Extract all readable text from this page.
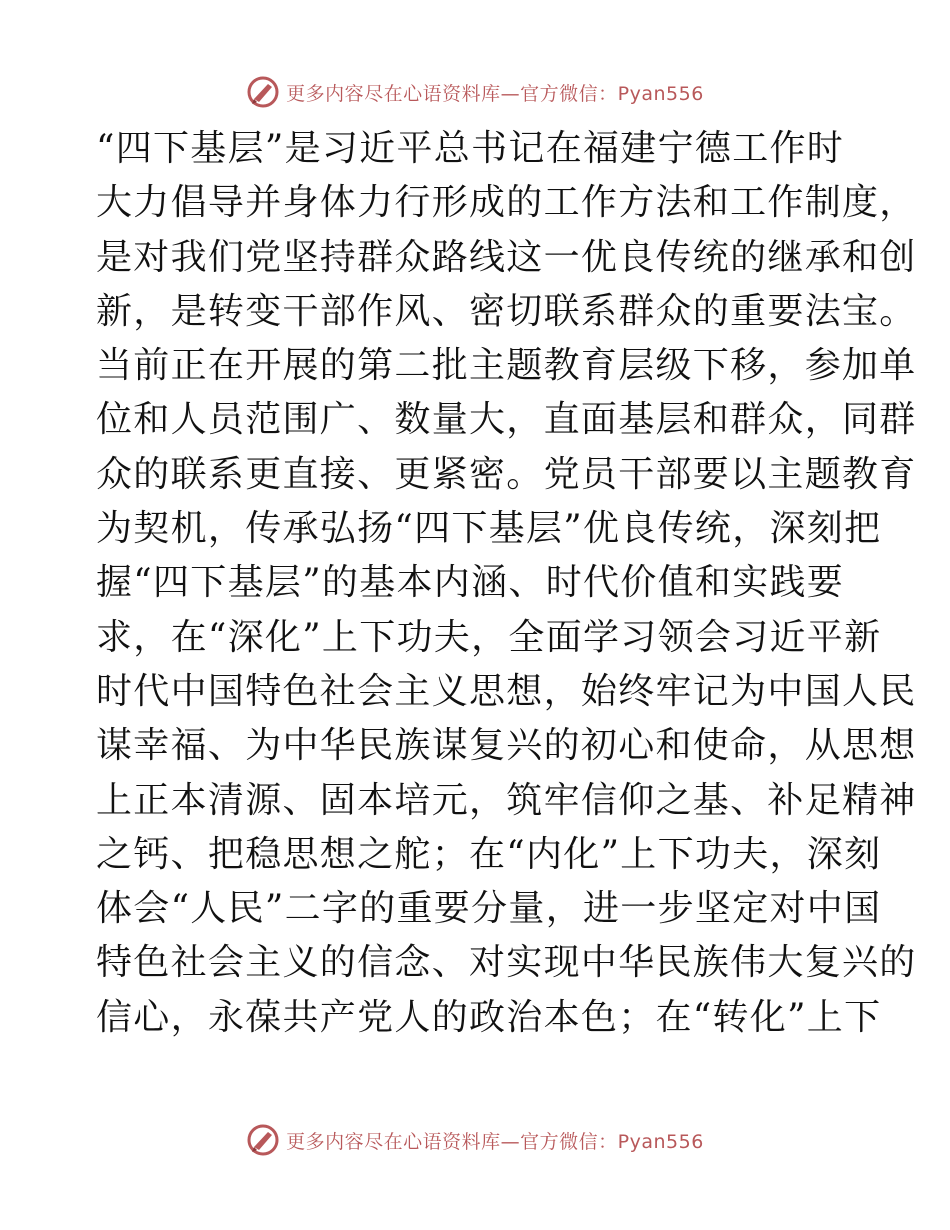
更多内容尽在心语资料库—官方微信：Pyan556
“四下基层”是习近平总书记在福建宁德工作时
大力倡导并身体力行形成的工作方法和工作制度，
是对我们党坚持群众路线这一优良传统的继承和创
新，是转变干部作风、密切联系群众的重要法宝。
当前正在开展的第二批主题教育层级下移，参加单
位和人员范围广、数量大，直面基层和群众，同群
众的联系更直接、更紧密。党员干部要以主题教育
为契机，传承弘扬“四下基层”优良传统，深刻把
握“四下基层”的基本内涵、时代价值和实践要
求，在“深化”上下功夫，全面学习领会习近平新
时代中国特色社会主义思想，始终牢记为中国人民
谋幸福、为中华民族谋复兴的初心和使命，从思想
上正本清源、固本培元，筑牢信仰之基、补足精神
之钙、把稳思想之舵；在“内化”上下功夫，深刻
体会“人民”二字的重要分量，进一步坚定对中国
特色社会主义的信念、对实现中华民族伟大复兴的
信心，永葆共产党人的政治本色；在“转化”上下
更多内容尽在心语资料库—官方微信：Pyan556
